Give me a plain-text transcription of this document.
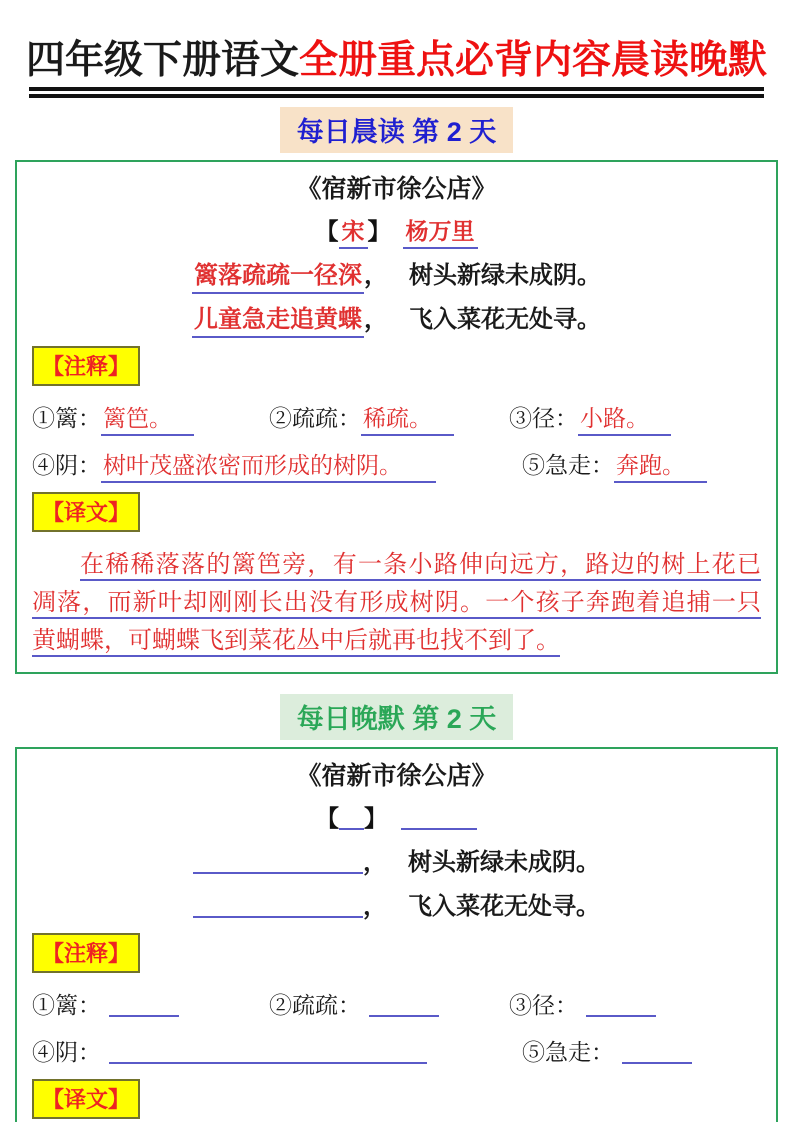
四年级下册语文全册重点必背内容晨读晚默
每日晨读 第 2 天
《宿新市徐公店》
【 宋 】 杨万里
篱落疏疏一径深， 树头新绿未成阴。
儿童急走追黄蝶， 飞入菜花无处寻。
【注释】
①篱：篱笆。	②疏疏：稀疏。	③径：小路。
④阴：树叶茂盛浓密而形成的树阴。	⑤急走：奔跑。
【译文】
在稀稀落落的篱笆旁，有一条小路伸向远方，路边的树上花已
凋落，而新叶却刚刚长出没有形成树阴。一个孩子奔跑着追捕一只
黄蝴蝶，可蝴蝶飞到菜花丛中后就再也找不到了。
每日晚默 第 2 天
《宿新市徐公店》
【 】
， 树头新绿未成阴。
， 飞入菜花无处寻。
【注释】
①篱：	②疏疏：	③径：
④阴：	⑤急走：
【译文】
